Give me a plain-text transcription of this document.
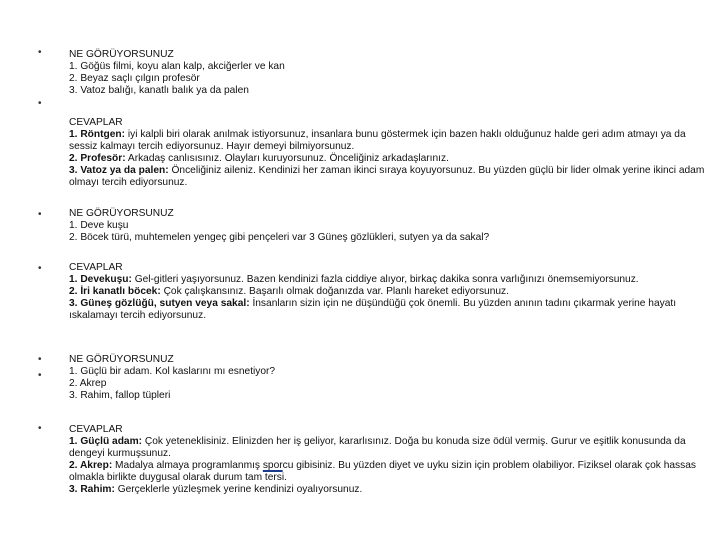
•
•
•
•
•
•
•
NE GÖRÜYORSUNUZ
1. Göğüs filmi, koyu alan kalp, akciğerler ve kan
2. Beyaz saçlı çılgın profesör
3. Vatoz balığı, kanatlı balık ya da palen
CEVAPLAR
1. Röntgen: iyi kalpli biri olarak anılmak istiyorsunuz, insanlara bunu göstermek için bazen haklı olduğunuz halde geri adım atmayı ya da sessiz kalmayı tercih ediyorsunuz. Hayır demeyi bilmiyorsunuz.
2. Profesör: Arkadaş canlısısınız. Olayları kuruyorsunuz. Önceliğiniz arkadaşlarınız.
3. Vatoz ya da palen: Önceliğiniz aileniz. Kendinizi her zaman ikinci sıraya koyuyorsunuz. Bu yüzden güçlü bir lider olmak yerine ikinci adam olmayı tercih ediyorsunuz.
NE GÖRÜYORSUNUZ
1. Deve kuşu
2. Böcek türü, muhtemelen yengeç gibi pençeleri var 3 Güneş gözlükleri, sutyen ya da sakal?
CEVAPLAR
1. Devekuşu: Gel-gitleri yaşıyorsunuz. Bazen kendinizi fazla ciddiye alıyor, birkaç dakika sonra varlığınızı önemsemiyorsunuz.
2. İri kanatlı böcek: Çok çalışkansınız. Başarılı olmak doğanızda var. Planlı hareket ediyorsunuz.
3. Güneş gözlüğü, sutyen veya sakal: İnsanların sizin için ne düşündüğü çok önemli. Bu yüzden anının tadını çıkarmak yerine hayatı ıskalamayı tercih ediyorsunuz.
NE GÖRÜYORSUNUZ
1. Güçlü bir adam. Kol kaslarını mı esnetiyor?
2. Akrep
3. Rahim, fallop tüpleri
CEVAPLAR
1. Güçlü adam: Çok yeteneklisiniz. Elinizden her iş geliyor, kararlısınız. Doğa bu konuda size ödül vermiş. Gurur ve eşitlik konusunda da dengeyi kurmuşsunuz.
2. Akrep: Madalya almaya programlanmış sporcu gibisiniz. Bu yüzden diyet ve uyku sizin için problem olabiliyor. Fiziksel olarak çok hassas olmakla birlikte duygusal olarak durum tam tersi.
3. Rahim: Gerçeklerle yüzleşmek yerine kendinizi oyalıyorsunuz.
